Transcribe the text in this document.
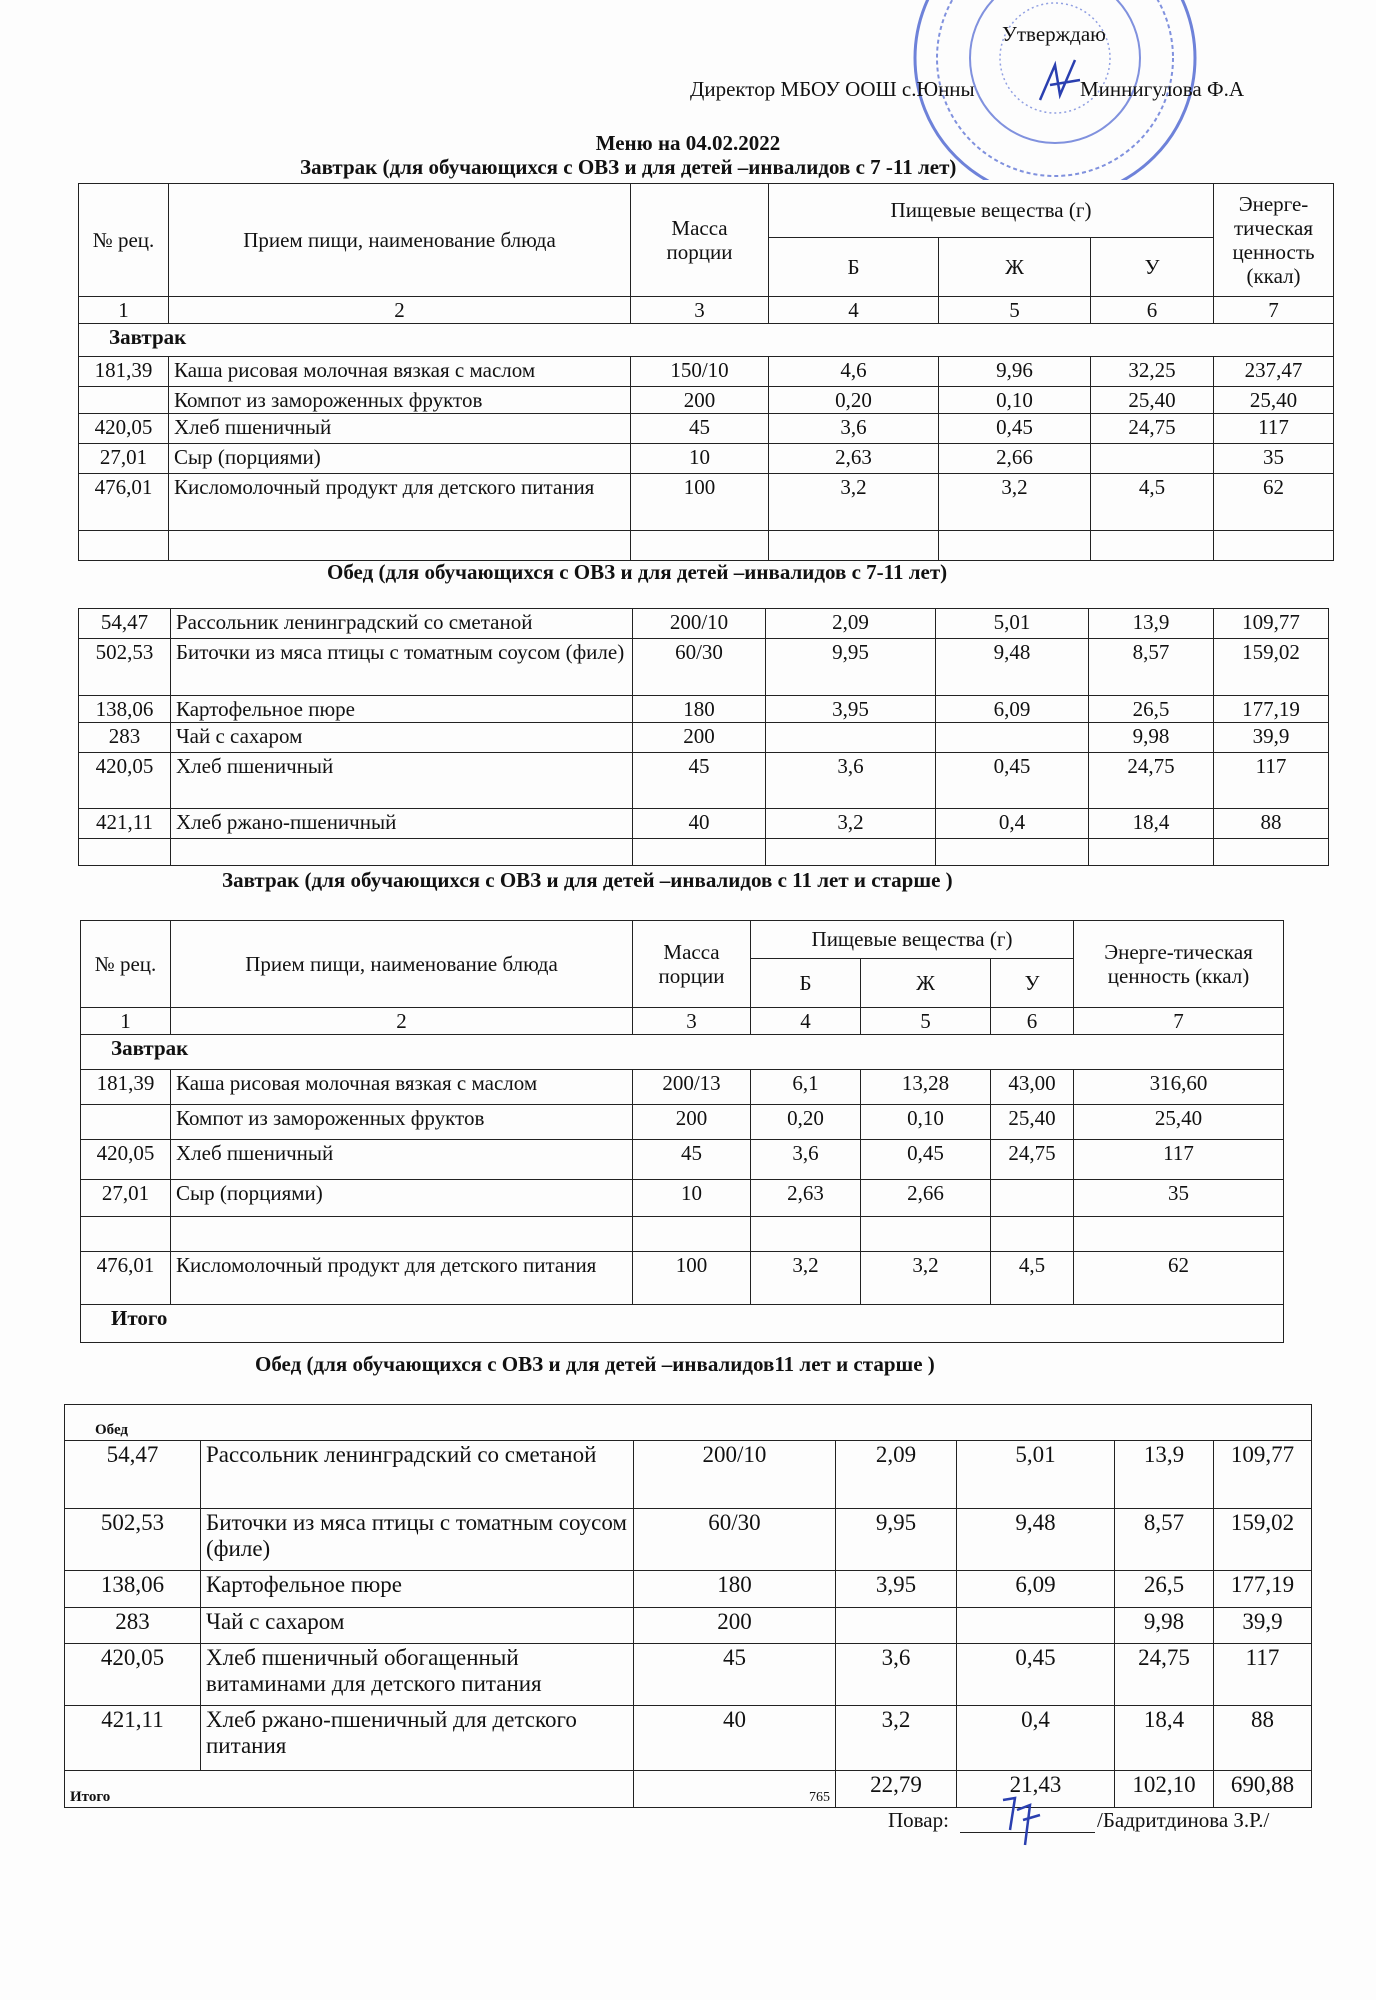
Утверждаю
Директор МБОУ ООШ с.Юнны	Миннигулова Ф.А
Меню на 04.02.2022
Завтрак (для обучающихся с ОВЗ и для детей –инвалидов с 7 -11 лет)
№ рец.	Прием пищи, наименование блюда	Масса порции	Пищевые вещества (г)			Энерге-тическая ценность (ккал)
			Б	Ж	У	
1	2	3	4	5	6	7
Завтрак						
181,39	Каша рисовая молочная вязкая с маслом	150/10	4,6	9,96	32,25	237,47
	Компот из замороженных фруктов	200	0,20	0,10	25,40	25,40
420,05	Хлеб пшеничный	45	3,6	0,45	24,75	117
27,01	Сыр (порциями)	10	2,63	2,66		35
476,01	Кисломолочный продукт для детского питания	100	3,2	3,2	4,5	62

Обед (для обучающихся с ОВЗ и для детей –инвалидов с 7-11 лет)
54,47	Рассольник ленинградский со сметаной	200/10	2,09	5,01	13,9	109,77
502,53	Биточки из мяса птицы с томатным соусом (филе)	60/30	9,95	9,48	8,57	159,02
138,06	Картофельное пюре	180	3,95	6,09	26,5	177,19
283	Чай с сахаром	200			9,98	39,9
420,05	Хлеб пшеничный	45	3,6	0,45	24,75	117
421,11	Хлеб ржано-пшеничный	40	3,2	0,4	18,4	88

Завтрак (для обучающихся с ОВЗ и для детей –инвалидов с 11 лет и старше )
№ рец.	Прием пищи, наименование блюда	Масса порции	Пищевые вещества (г)			Энерге-тическая ценность (ккал)
			Б	Ж	У	
1	2	3	4	5	6	7
Завтрак						
181,39	Каша рисовая молочная вязкая с маслом	200/13	6,1	13,28	43,00	316,60
	Компот из замороженных фруктов	200	0,20	0,10	25,40	25,40
420,05	Хлеб пшеничный	45	3,6	0,45	24,75	117
27,01	Сыр (порциями)	10	2,63	2,66		35

476,01	Кисломолочный продукт для детского питания	100	3,2	3,2	4,5	62
Итого						
Обед (для обучающихся с ОВЗ и для детей –инвалидов11 лет и старше )
Обед						
54,47	Рассольник ленинградский со сметаной	200/10	2,09	5,01	13,9	109,77
502,53	Биточки из мяса птицы с томатным соусом (филе)	60/30	9,95	9,48	8,57	159,02
138,06	Картофельное пюре	180	3,95	6,09	26,5	177,19
283	Чай с сахаром	200			9,98	39,9
420,05	Хлеб пшеничный обогащенный витаминами для детского питания	45	3,6	0,45	24,75	117
421,11	Хлеб ржано-пшеничный для детского питания	40	3,2	0,4	18,4	88
Итого		765	22,79	21,43	102,10	690,88
Повар:	/Бадритдинова З.Р./
